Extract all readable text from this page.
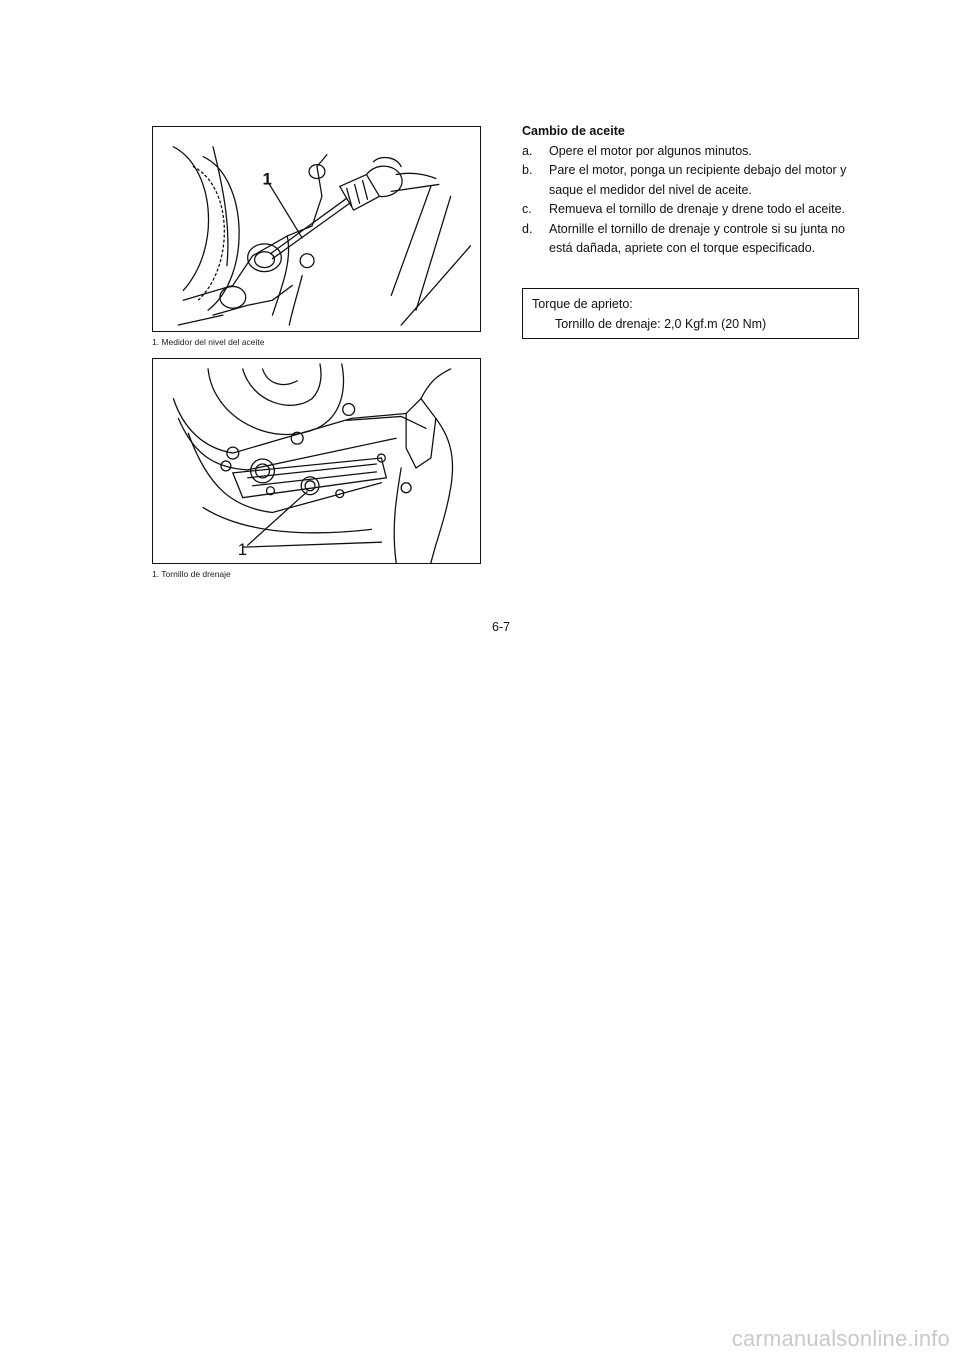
1
1. Medidor del nivel del aceite
1
1. Tornillo de drenaje
Cambio de aceite
a. Opere el motor por algunos minutos.
b. Pare el motor, ponga un recipiente debajo del motor y saque el medidor del nivel de aceite.
c. Remueva el tornillo de drenaje y drene todo el aceite.
d. Atornille el tornillo de drenaje y controle si su junta no está dañada, apriete con el torque especificado.
Torque de aprieto:
Tornillo de drenaje: 2,0 Kgf.m (20 Nm)
6-7
carmanualsonline.info
